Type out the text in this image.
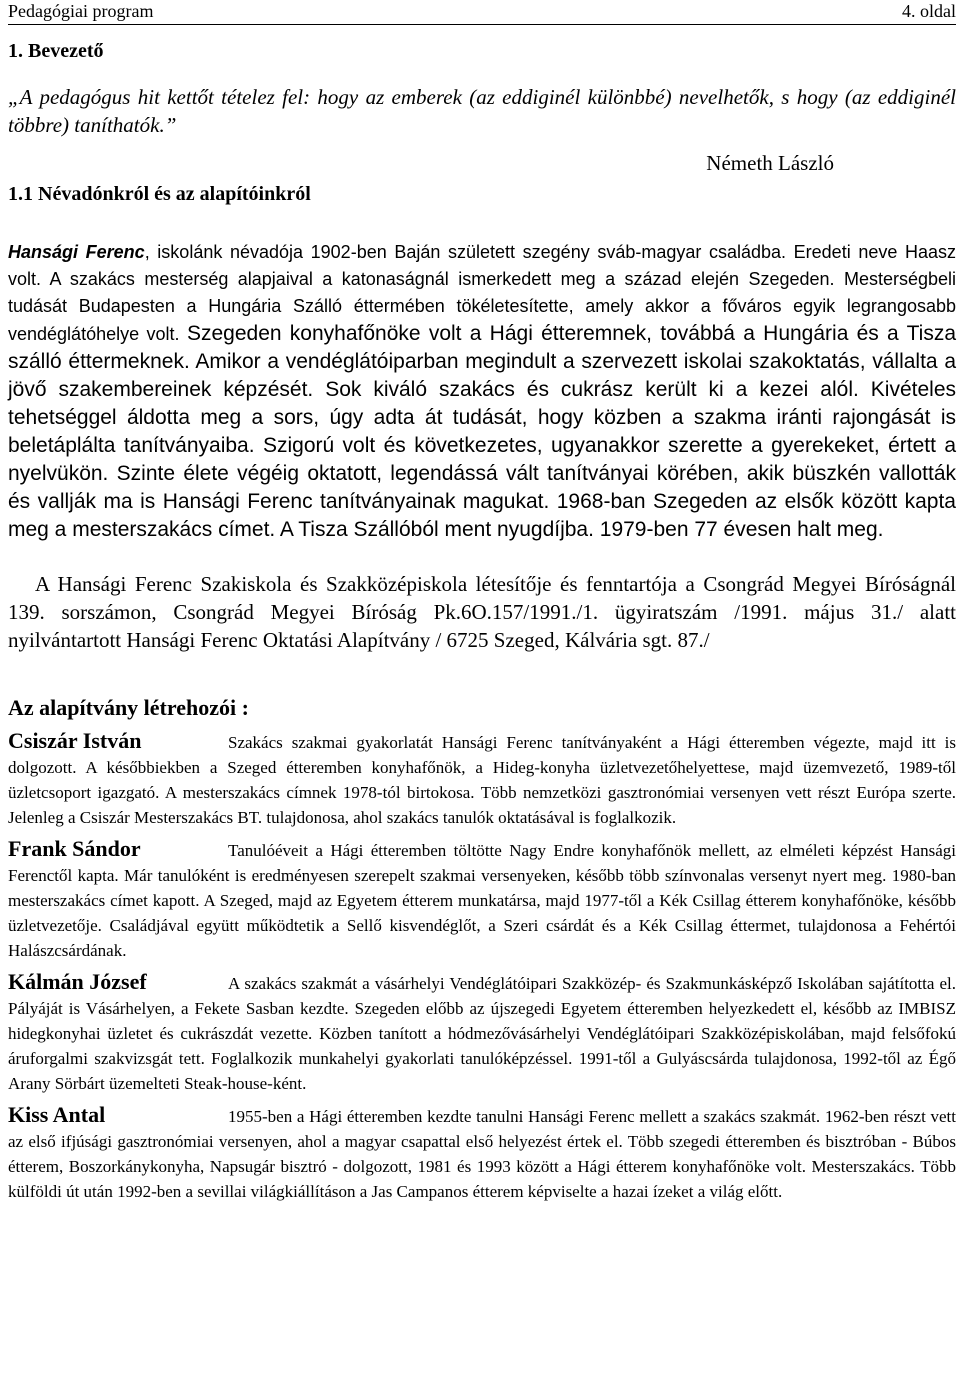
Pedagógiai program	4. oldal
1. Bevezető
„A pedagógus hit kettőt tételez fel: hogy az emberek (az eddiginél különbbé) nevelhetők, s hogy (az eddiginél többre) taníthatók.”
Németh László
1.1 Névadónkról és az alapítóinkról
Hansági Ferenc, iskolánk névadója 1902-ben Baján született szegény sváb-magyar családba. Eredeti neve Haasz volt. A szakács mesterség alapjaival a katonaságnál ismerkedett meg a század elején Szegeden. Mesterségbeli tudását Budapesten a Hungária Szálló éttermében tökéletesítette, amely akkor a főváros egyik legrangosabb vendéglátóhelye volt. Szegeden konyhafőnöke volt a Hági étteremnek, továbbá a Hungária és a Tisza szálló éttermeknek. Amikor a vendéglátóiparban megindult a szervezett iskolai szakoktatás, vállalta a jövő szakembereinek képzését. Sok kiváló szakács és cukrász került ki a kezei alól. Kivételes tehetséggel áldotta meg a sors, úgy adta át tudását, hogy közben a szakma iránti rajongását is beletáplálta tanítványaiba. Szigorú volt és következetes, ugyanakkor szerette a gyerekeket, értett a nyelvükön. Szinte élete végéig oktatott, legendássá vált tanítványai körében, akik büszkén vallották és vallják ma is Hansági Ferenc tanítványainak magukat. 1968-ban Szegeden az elsők között kapta meg a mesterszakács címet. A Tisza Szállóból ment nyugdíjba. 1979-ben 77 évesen halt meg.
A Hansági Ferenc Szakiskola és Szakközépiskola létesítője és fenntartója a Csongrád Megyei Bíróságnál 139. sorszámon, Csongrád Megyei Bíróság Pk.6O.157/1991./1. ügyiratszám /1991. május 31./ alatt nyilvántartott Hansági Ferenc Oktatási Alapítvány / 6725 Szeged, Kálvária sgt. 87./
Az alapítvány létrehozói :
Csiszár István	Szakács szakmai gyakorlatát Hansági Ferenc tanítványaként a Hági étteremben végezte, majd itt is dolgozott. A későbbiekben a Szeged étteremben konyhafőnök, a Hideg-konyha üzletvezetőhelyettese, majd üzemvezető, 1989-től üzletcsoport igazgató. A mesterszakács címnek 1978-tól birtokosa. Több nemzetközi gasztronómiai versenyen vett részt Európa szerte. Jelenleg a Csiszár Mesterszakács BT. tulajdonosa, ahol szakács tanulók oktatásával is foglalkozik.
Frank Sándor	Tanulóéveit a Hági étteremben töltötte Nagy Endre konyhafőnök mellett, az elméleti képzést Hansági Ferenctől kapta. Már tanulóként is eredményesen szerepelt szakmai versenyeken, később több színvonalas versenyt nyert meg. 1980-ban mesterszakács címet kapott. A Szeged, majd az Egyetem étterem munkatársa, majd 1977-től a Kék Csillag étterem konyhafőnöke, később üzletvezetője. Családjával együtt működtetik a Sellő kisvendéglőt, a Szeri csárdát és a Kék Csillag éttermet, tulajdonosa a Fehértói Halászcsárdának.
Kálmán József	A szakács szakmát a vásárhelyi Vendéglátóipari Szakközép- és Szakmunkásképző Iskolában sajátította el. Pályáját is Vásárhelyen, a Fekete Sasban kezdte. Szegeden előbb az újszegedi Egyetem étteremben helyezkedett el, később az IMBISZ hidegkonyhai üzletet és cukrászdát vezette. Közben tanított a hódmezővásárhelyi Vendéglátóipari Szakközépiskolában, majd felsőfokú áruforgalmi szakvizsgát tett. Foglalkozik munkahelyi gyakorlati tanulóképzéssel. 1991-től a Gulyáscsárda tulajdonosa, 1992-től az Égő Arany Sörbárt üzemelteti Steak-house-ként.
Kiss Antal	1955-ben a Hági étteremben kezdte tanulni Hansági Ferenc mellett a szakács szakmát. 1962-ben részt vett az első ifjúsági gasztronómiai versenyen, ahol a magyar csapattal első helyezést értek el. Több szegedi étteremben és bisztróban - Búbos étterem, Boszorkánykonyha, Napsugár bisztró - dolgozott, 1981 és 1993 között a Hági étterem konyhafőnöke volt. Mesterszakács. Több külföldi út után 1992-ben a sevillai világkiállításon a Jas Campanos étterem képviselte a hazai ízeket a világ előtt.
